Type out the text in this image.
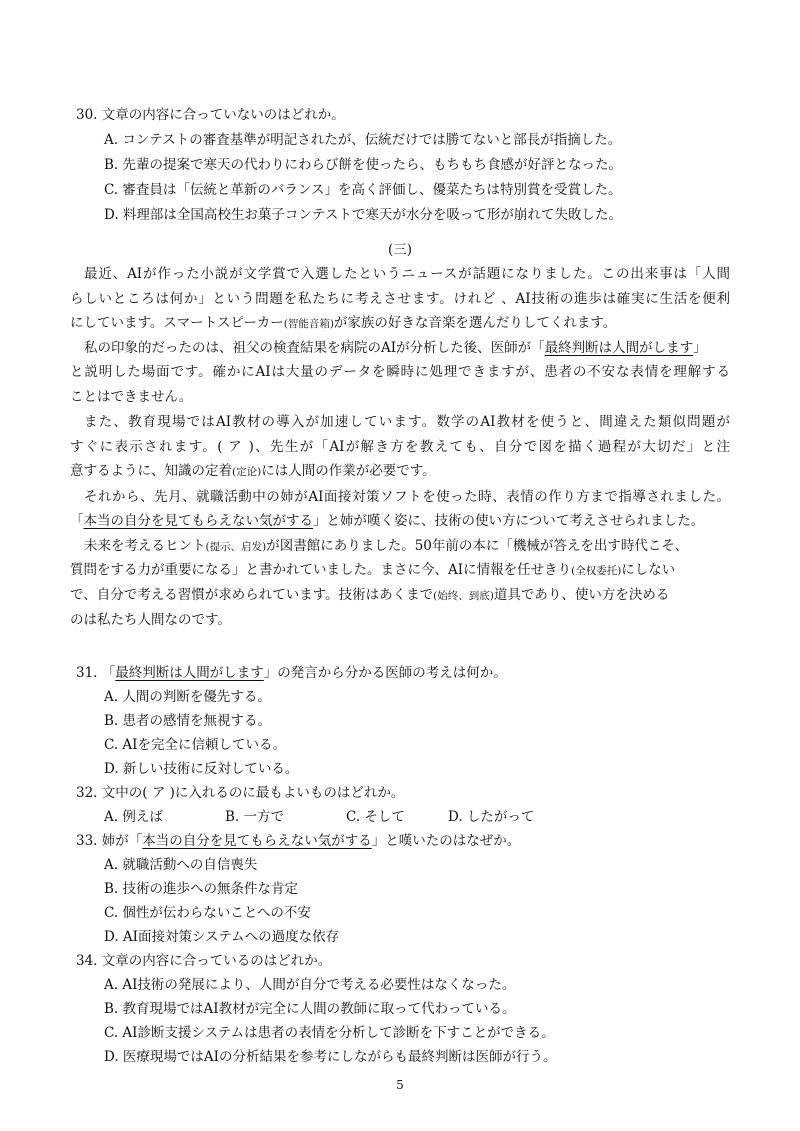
30. 文章の内容に合っていないのはどれか。
A. コンテストの審査基準が明記されたが、伝統だけでは勝てないと部長が指摘した。
B. 先輩の提案で寒天の代わりにわらび餅を使ったら、もちもち食感が好評となった。
C. 審査員は「伝統と革新のバランス」を高く評価し、優菜たちは特別賞を受賞した。
D. 料理部は全国高校生お菓子コンテストで寒天が水分を吸って形が崩れて失敗した。
(三)
最近、AIが作った小説が文学賞で入選したというニュースが話題になりました。この出来事は「人間
らしいところは何か」という問題を私たちに考えさせます。けれど 、AI技術の進歩は確実に生活を便利
にしています。スマートスピーカー(智能音箱)が家族の好きな音楽を選んだりしてくれます。
私の印象的だったのは、祖父の検査結果を病院のAIが分析した後、医師が「最終判断は人間がします」
と説明した場面です。確かにAIは大量のデータを瞬時に処理できますが、患者の不安な表情を理解する
ことはできません。
また、教育現場ではAI教材の導入が加速しています。数学のAI教材を使うと、間違えた類似問題が
すぐに表示されます。( ア )、先生が「AIが解き方を教えても、自分で図を描く過程が大切だ」と注
意するように、知識の定着(定论)には人間の作業が必要です。
それから、先月、就職活動中の姉がAI面接対策ソフトを使った時、表情の作り方まで指導されました。
「本当の自分を見てもらえない気がする」と姉が嘆く姿に、技術の使い方について考えさせられました。
未来を考えるヒント(提示、启发)が図書館にありました。50年前の本に「機械が答えを出す時代こそ、
質問をする力が重要になる」と書かれていました。まさに今、AIに情報を任せきり(全权委托)にしない
で、自分で考える習慣が求められています。技術はあくまで(始终、到底)道具であり、使い方を決める
のは私たち人間なのです。
31. 「最終判断は人間がします」の発言から分かる医師の考えは何か。
A. 人間の判断を優先する。
B. 患者の感情を無視する。
C. AIを完全に信頼している。
D. 新しい技術に反対している。
32. 文中の( ア )に入れるのに最もよいものはどれか。
A. 例えば	B. 一方で	C. そして	D. したがって
33. 姉が「本当の自分を見てもらえない気がする」と嘆いたのはなぜか。
A. 就職活動への自信喪失
B. 技術の進歩への無条件な肯定
C. 個性が伝わらないことへの不安
D. AI面接対策システムへの過度な依存
34. 文章の内容に合っているのはどれか。
A. AI技術の発展により、人間が自分で考える必要性はなくなった。
B. 教育現場ではAI教材が完全に人間の教師に取って代わっている。
C. AI診断支援システムは患者の表情を分析して診断を下すことができる。
D. 医療現場ではAIの分析結果を参考にしながらも最終判断は医師が行う。
5
